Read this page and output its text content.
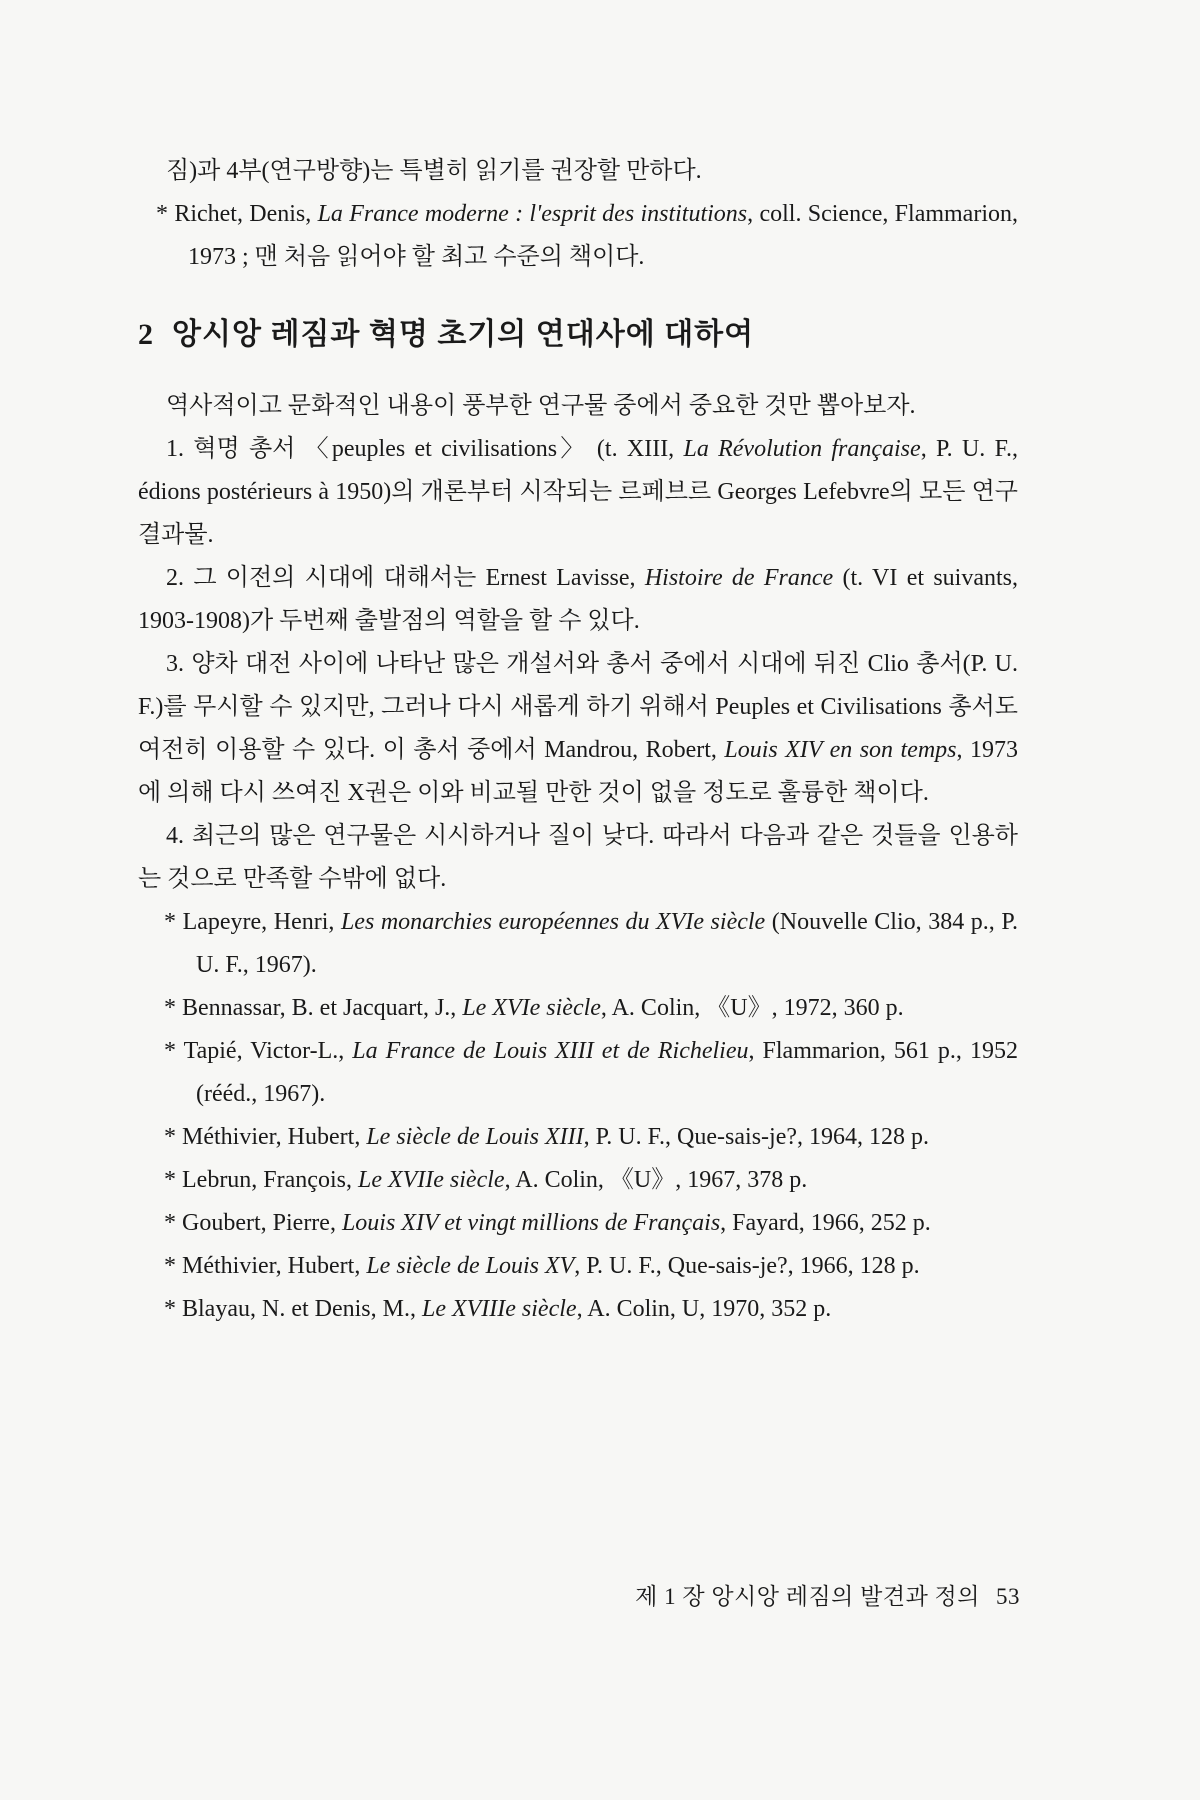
짐)과 4부(연구방향)는 특별히 읽기를 권장할 만하다.

* Richet, Denis, La France moderne : l'esprit des institutions, coll. Science, Flammarion, 1973 ; 맨 처음 읽어야 할 최고 수준의 책이다.

2 앙시앙 레짐과 혁명 초기의 연대사에 대하여

역사적이고 문화적인 내용이 풍부한 연구물 중에서 중요한 것만 뽑아보자.

1. 혁명 총서 〈peuples et civilisations〉 (t. XIII, La Révolution française, P. U. F., édions postérieurs à 1950)의 개론부터 시작되는 르페브르 Georges Lefebvre의 모든 연구결과물.

2. 그 이전의 시대에 대해서는 Ernest Lavisse, Histoire de France (t. VI et suivants, 1903-1908)가 두번째 출발점의 역할을 할 수 있다.

3. 양차 대전 사이에 나타난 많은 개설서와 총서 중에서 시대에 뒤진 Clio 총서(P. U. F.)를 무시할 수 있지만, 그러나 다시 새롭게 하기 위해서 Peuples et Civilisations 총서도 여전히 이용할 수 있다. 이 총서 중에서 Mandrou, Robert, Louis XIV en son temps, 1973에 의해 다시 쓰여진 X권은 이와 비교될 만한 것이 없을 정도로 훌륭한 책이다.

4. 최근의 많은 연구물은 시시하거나 질이 낮다. 따라서 다음과 같은 것들을 인용하는 것으로 만족할 수밖에 없다.

* Lapeyre, Henri, Les monarchies européennes du XVIe siècle (Nouvelle Clio, 384 p., P. U. F., 1967).

* Bennassar, B. et Jacquart, J., Le XVIe siècle, A. Colin, 《U》, 1972, 360 p.

* Tapié, Victor-L., La France de Louis XIII et de Richelieu, Flammarion, 561 p., 1952 (rééd., 1967).

* Méthivier, Hubert, Le siècle de Louis XIII, P. U. F., Que-sais-je?, 1964, 128 p.

* Lebrun, François, Le XVIIe siècle, A. Colin, 《U》, 1967, 378 p.

* Goubert, Pierre, Louis XIV et vingt millions de Français, Fayard, 1966, 252 p.

* Méthivier, Hubert, Le siècle de Louis XV, P. U. F., Que-sais-je?, 1966, 128 p.

* Blayau, N. et Denis, M., Le XVIIIe siècle, A. Colin, U, 1970, 352 p.

제 1 장 앙시앙 레짐의 발견과 정의 53
